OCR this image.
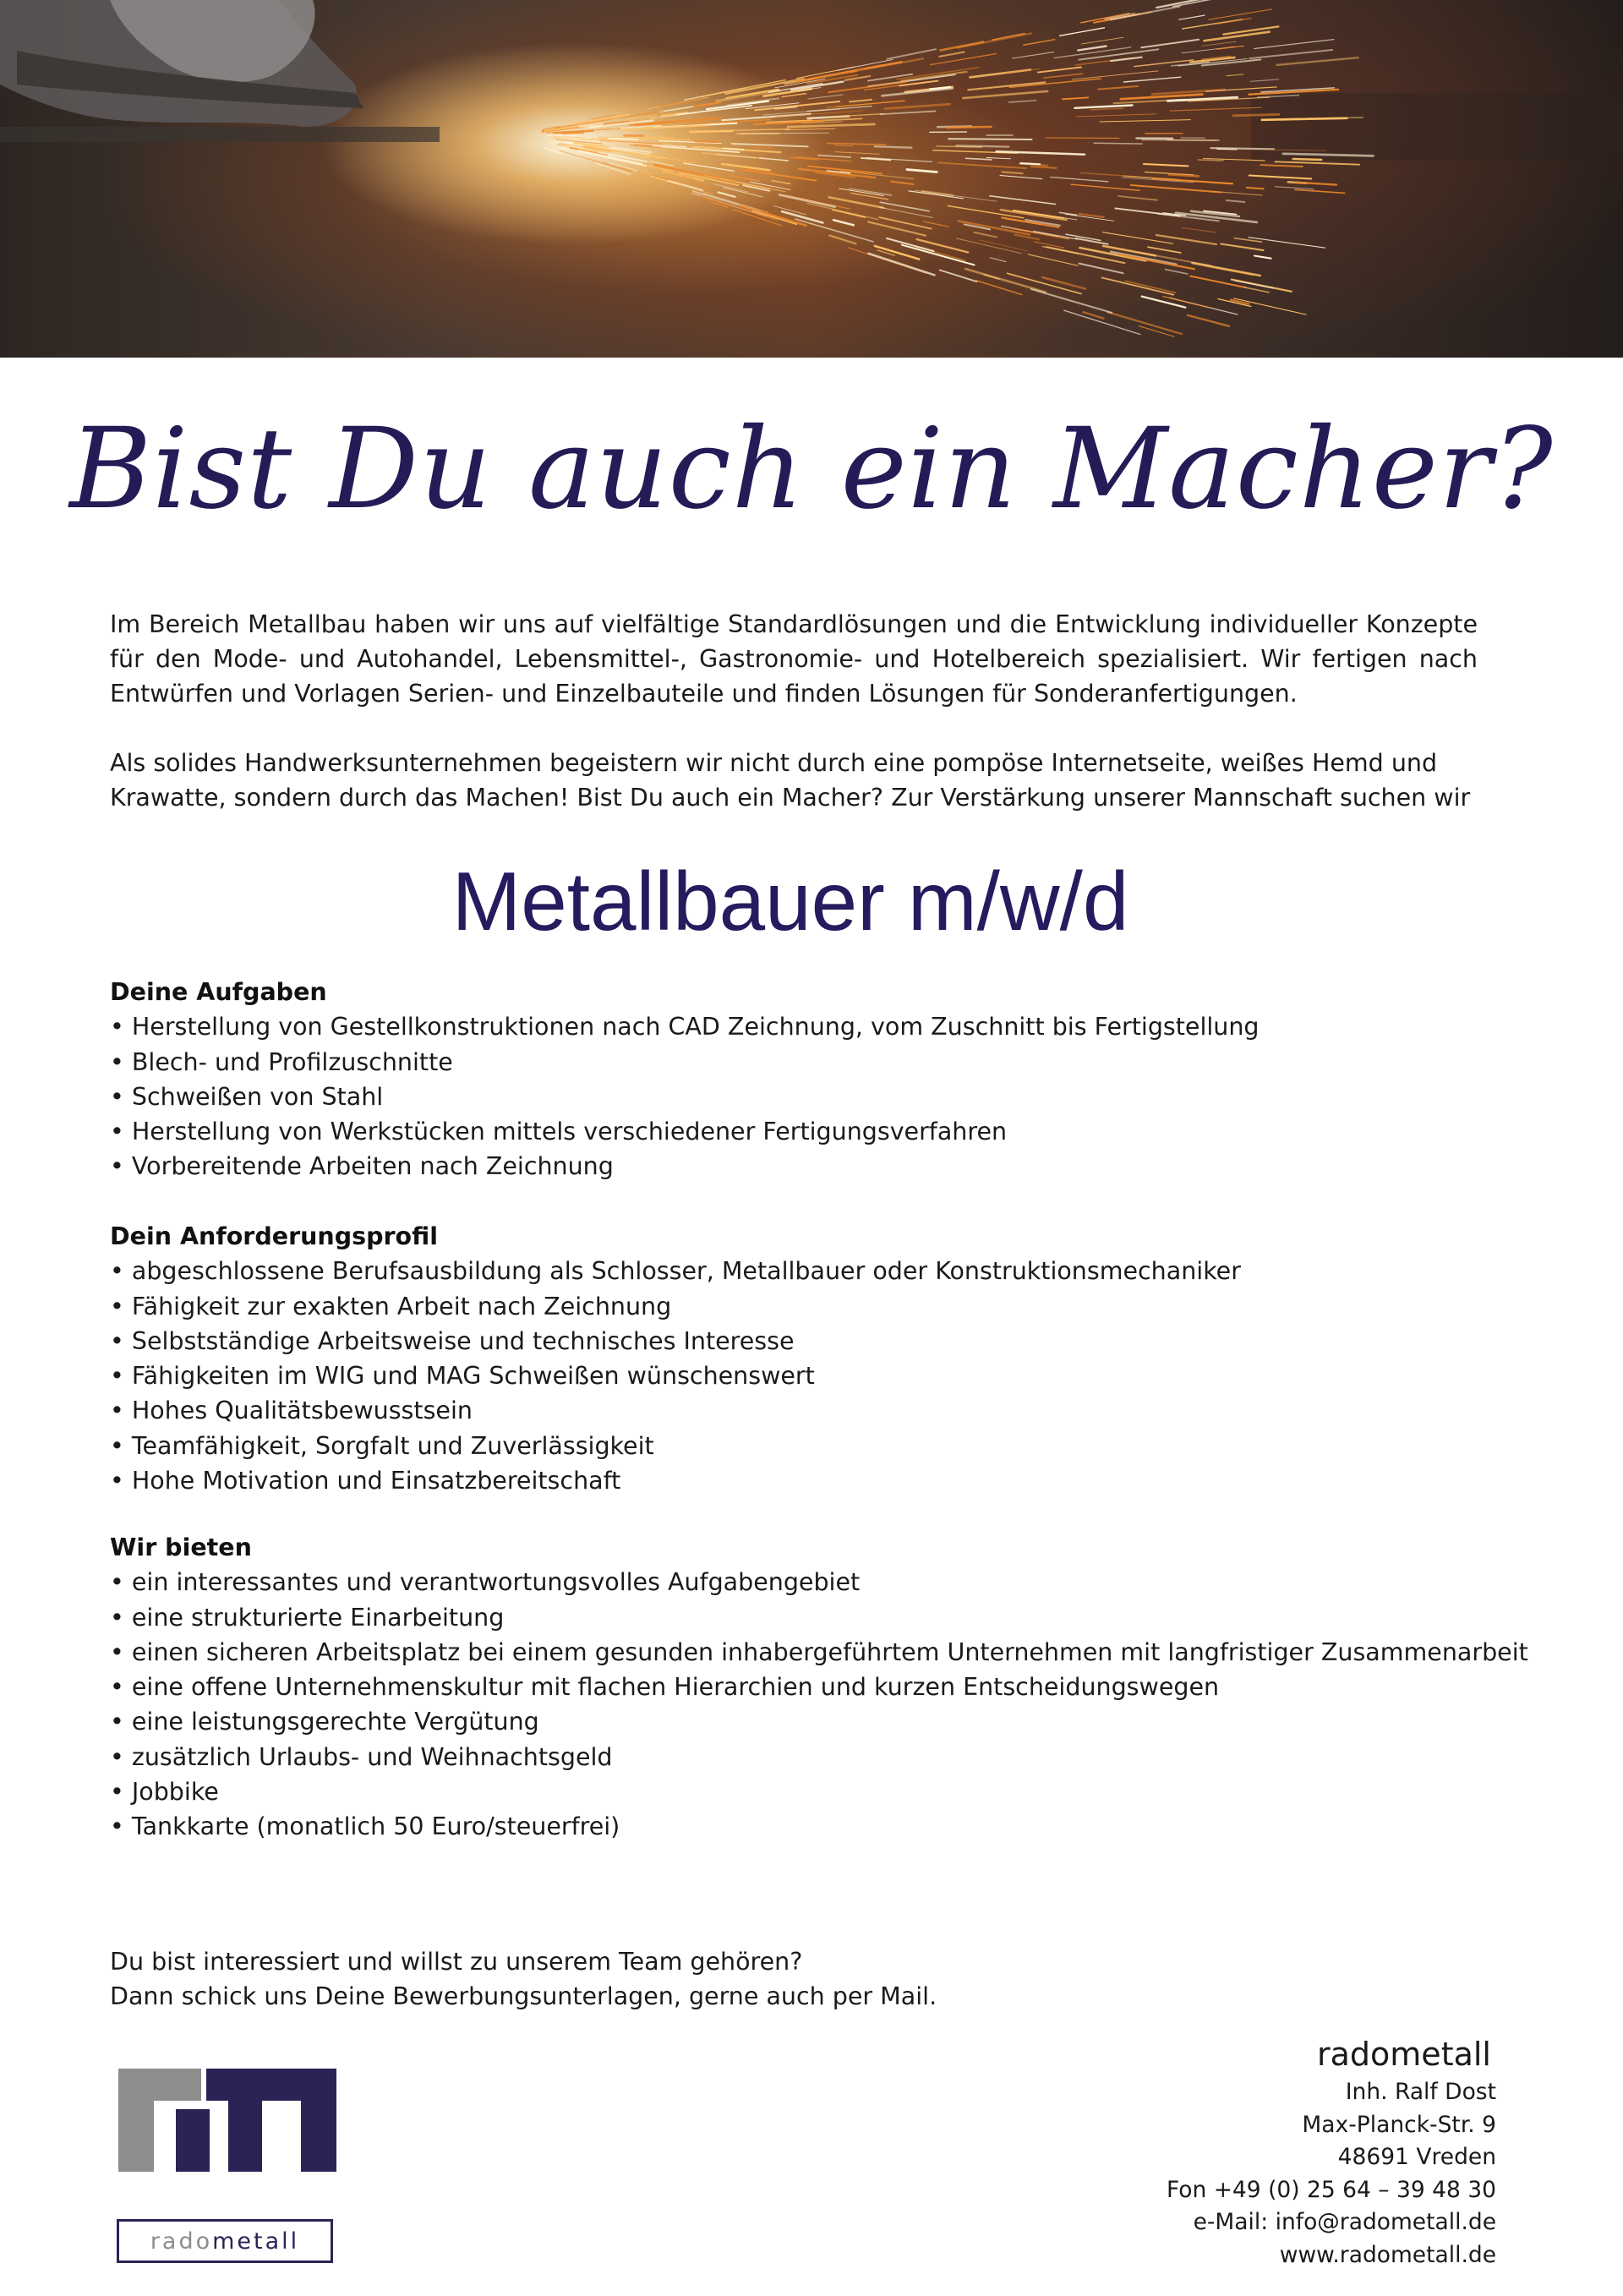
Bist Du auch ein Macher?

Im Bereich Metallbau haben wir uns auf vielfältige Standardlösungen und die Entwicklung individueller Konzepte für den Mode- und Autohandel, Lebensmittel-, Gastronomie- und Hotelbereich spezialisiert. Wir fertigen nach Entwürfen und Vorlagen Serien- und Einzelbauteile und finden Lösungen für Sonderanfertigungen.

Als solides Handwerksunternehmen begeistern wir nicht durch eine pompöse Internetseite, weißes Hemd und Krawatte, sondern durch das Machen! Bist Du auch ein Macher? Zur Verstärkung unserer Mannschaft suchen wir

Metallbauer m/w/d
Deine Aufgaben
• Herstellung von Gestellkonstruktionen nach CAD Zeichnung, vom Zuschnitt bis Fertigstellung
• Blech- und Profilzuschnitte
• Schweißen von Stahl
• Herstellung von Werkstücken mittels verschiedener Fertigungsverfahren
• Vorbereitende Arbeiten nach Zeichnung
Dein Anforderungsprofil
• abgeschlossene Berufsausbildung als Schlosser, Metallbauer oder Konstruktionsmechaniker
• Fähigkeit zur exakten Arbeit nach Zeichnung
• Selbstständige Arbeitsweise und technisches Interesse
• Fähigkeiten im WIG und MAG Schweißen wünschenswert
• Hohes Qualitätsbewusstsein
• Teamfähigkeit, Sorgfalt und Zuverlässigkeit
• Hohe Motivation und Einsatzbereitschaft
Wir bieten
• ein interessantes und verantwortungsvolles Aufgabengebiet
• eine strukturierte Einarbeitung
• einen sicheren Arbeitsplatz bei einem gesunden inhabergeführtem Unternehmen mit langfristiger Zusammenarbeit
• eine offene Unternehmenskultur mit flachen Hierarchien und kurzen Entscheidungswegen
• eine leistungsgerechte Vergütung
• zusätzlich Urlaubs- und Weihnachtsgeld
• Jobbike
• Tankkarte (monatlich 50 Euro/steuerfrei)

Du bist interessiert und willst zu unserem Team gehören?
Dann schick uns Deine Bewerbungsunterlagen, gerne auch per Mail.

rado metall
radometall
Inh. Ralf Dost
Max-Planck-Str. 9
48691 Vreden
Fon +49 (0) 25 64 – 39 48 30
e-Mail: info@radometall.de
www.radometall.de
